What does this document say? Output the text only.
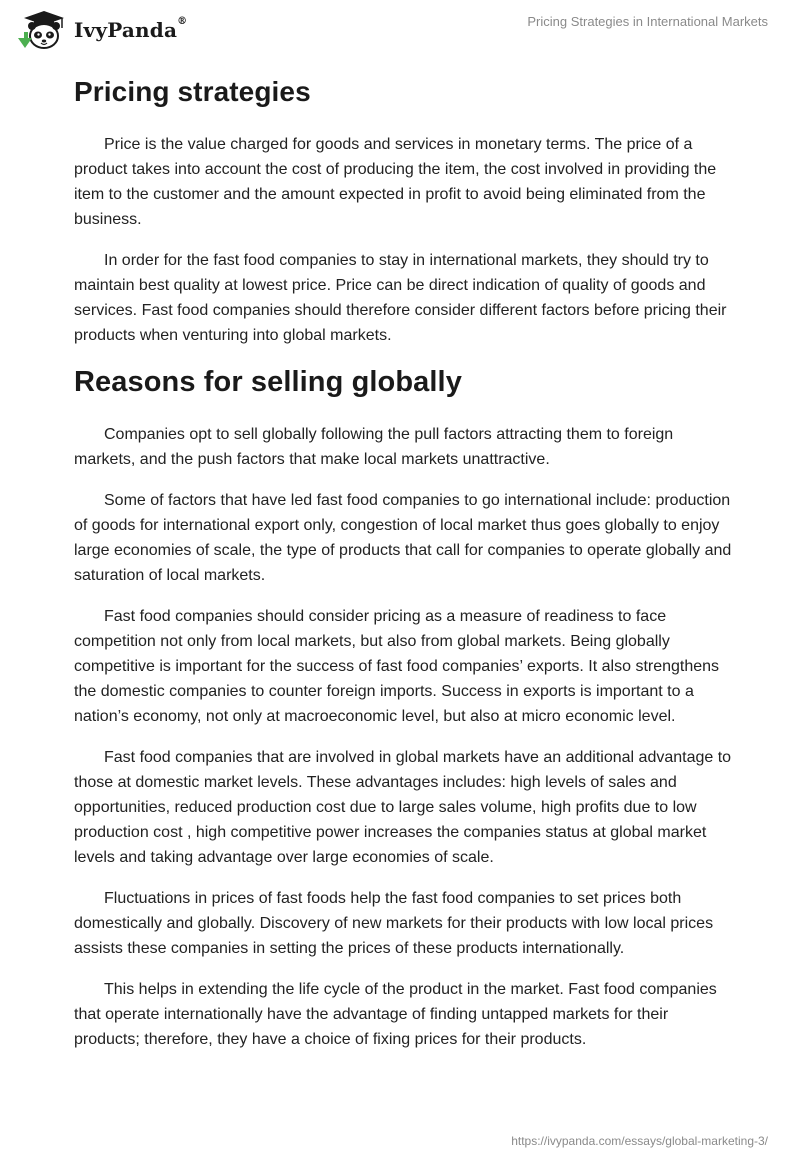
IvyPanda®	Pricing Strategies in International Markets
Pricing strategies

Price is the value charged for goods and services in monetary terms. The price of a product takes into account the cost of producing the item, the cost involved in providing the item to the customer and the amount expected in profit to avoid being eliminated from the business.

In order for the fast food companies to stay in international markets, they should try to maintain best quality at lowest price. Price can be direct indication of quality of goods and services. Fast food companies should therefore consider different factors before pricing their products when venturing into global markets.

Reasons for selling globally

Companies opt to sell globally following the pull factors attracting them to foreign markets, and the push factors that make local markets unattractive.

Some of factors that have led fast food companies to go international include: production of goods for international export only, congestion of local market thus goes globally to enjoy large economies of scale, the type of products that call for companies to operate globally and saturation of local markets.

Fast food companies should consider pricing as a measure of readiness to face competition not only from local markets, but also from global markets. Being globally competitive is important for the success of fast food companies’ exports. It also strengthens the domestic companies to counter foreign imports. Success in exports is important to a nation’s economy, not only at macroeconomic level, but also at micro economic level.

Fast food companies that are involved in global markets have an additional advantage to those at domestic market levels. These advantages includes: high levels of sales and opportunities, reduced production cost due to large sales volume, high profits due to low production cost , high competitive power increases the companies status at global market levels and taking advantage over large economies of scale.

Fluctuations in prices of fast foods help the fast food companies to set prices both domestically and globally. Discovery of new markets for their products with low local prices assists these companies in setting the prices of these products internationally.

This helps in extending the life cycle of the product in the market. Fast food companies that operate internationally have the advantage of finding untapped markets for their products; therefore, they have a choice of fixing prices for their products.

https://ivypanda.com/essays/global-marketing-3/
